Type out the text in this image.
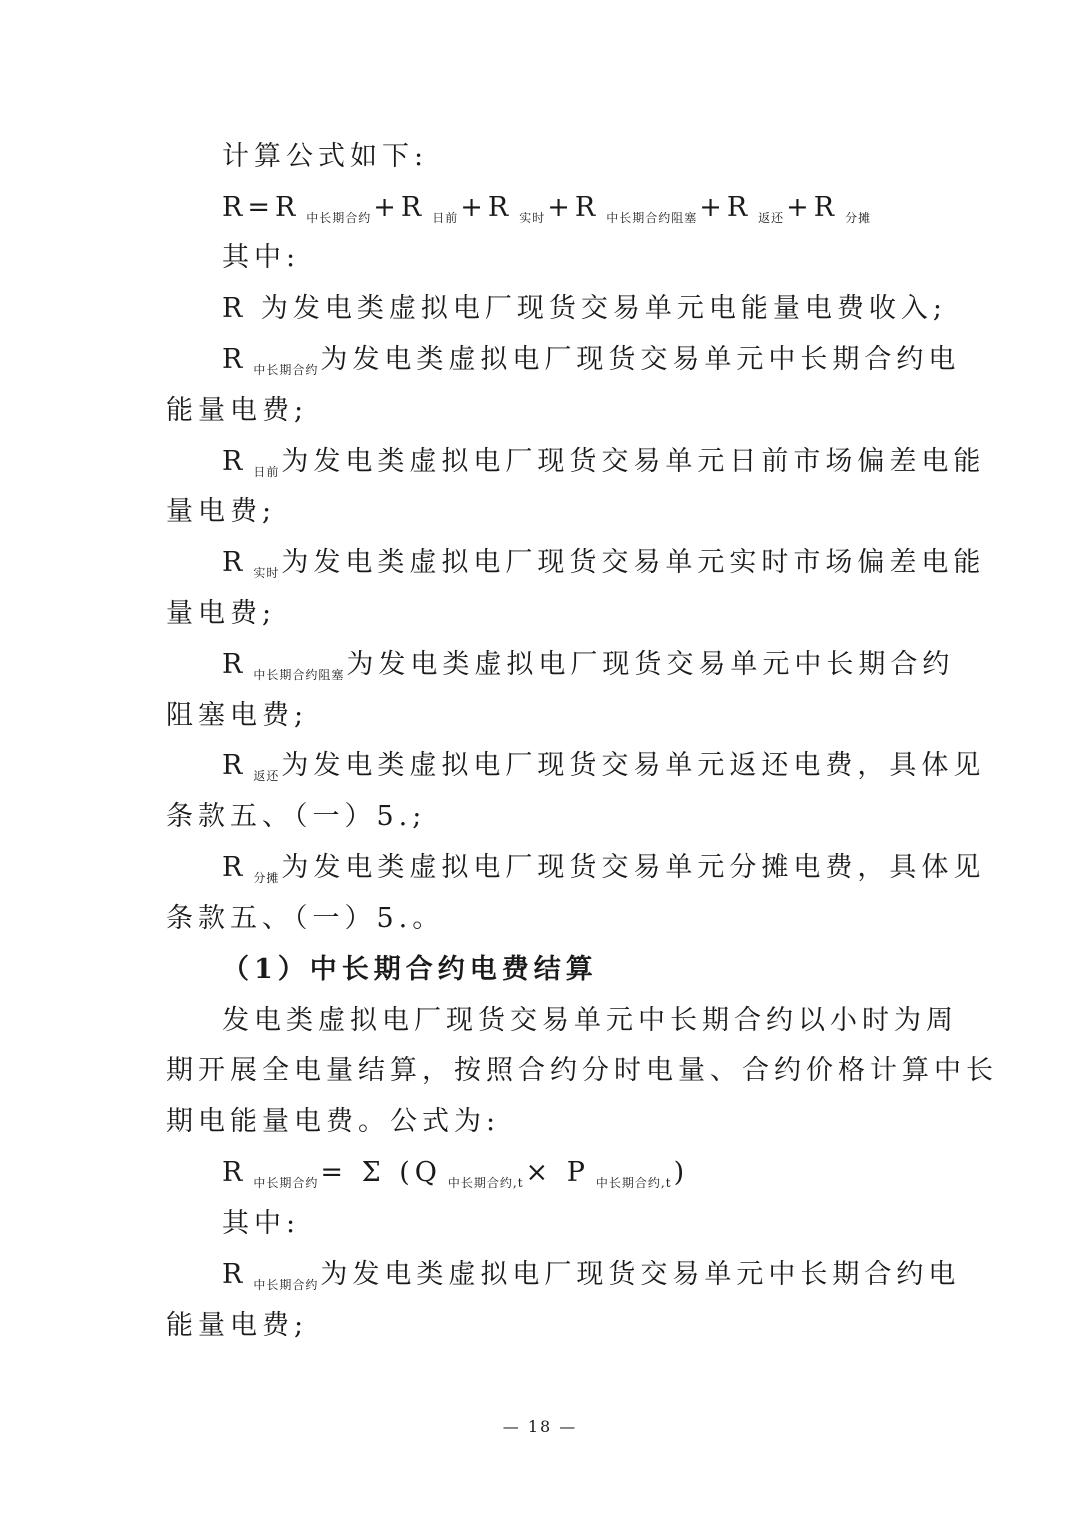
计算公式如下:
R=R $_{中长期合约}$+R $_{日前}$+R $_{实时}$+R $_{中长期合约阻塞}$+R $_{返还}$+R $_{分摊}$
其中:
R 为发电类虚拟电厂现货交易单元电能量电费收入;
R $_{中长期合约}$为发电类虚拟电厂现货交易单元中长期合约电
能量电费;
R $_{日前}$为发电类虚拟电厂现货交易单元日前市场偏差电能
量电费;
R $_{实时}$为发电类虚拟电厂现货交易单元实时市场偏差电能
量电费;
R $_{中长期合约阻塞}$为发电类虚拟电厂现货交易单元中长期合约
阻塞电费;
R $_{返还}$为发电类虚拟电厂现货交易单元返还电费，具体见
条款五、（一）5.;
R $_{分摊}$为发电类虚拟电厂现货交易单元分摊电费，具体见
条款五、（一）5.。
（1）中长期合约电费结算
发电类虚拟电厂现货交易单元中长期合约以小时为周
期开展全电量结算，按照合约分时电量、合约价格计算中长
期电能量电费。公式为:
R $_{中长期合约}$= Σ (Q $_{中长期合约,t}$× P $_{中长期合约,t}$)
其中:
R $_{中长期合约}$为发电类虚拟电厂现货交易单元中长期合约电
能量电费;
— 18 —
